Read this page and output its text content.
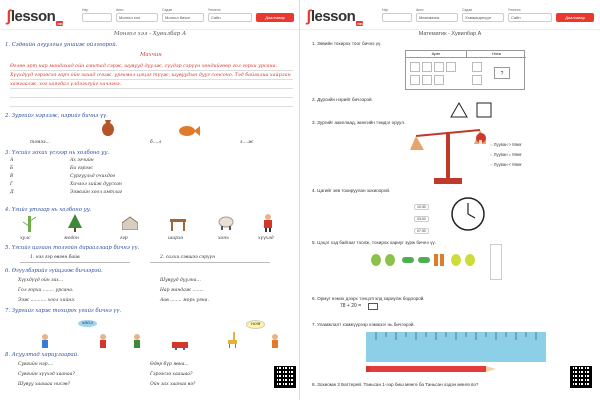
ʃlesson mn
Нэр	Анги
Монгол хэл
Сэдэв
Монгол бичиг
Үнэлгээ
Сайн	Даалгавар
Монгол хэл - Хувилбар А
1. Сэдвийн агуулгыг уншиж ойлгоорой.
Махчин
Өглөө эрт нар мандахад ойн амьтад сэрж, шувууд дуулж, сүүдэр сэрүүн хөндийгөөр гол горхи урсана. Хүүхдүүд гэрээсээ гарч ойн захад очиж, ургамал цэцэг түүж, шувуудын дууг сонсоно. Тэд байгалиа хайрлан хамгаалж, хог хаягдал үлдээхгүйг хичээнэ.
2. Зургийг нэрлэж, нэрийг бичнэ үү.
тэмээ...	б....л	з....ж
3. Үгсийг зохих үсгээр нь холбоно уу.
А	Ах эгчийн
Б	Би гэрээс
В	Сургуульд очихдоо
Г	Хичээл хийж дууссан
Д	Ээжийн хоол амтлаг
4. Үгийг утгаар нь холбоно уу.
хулс	модон	гэр	ширээ	хонь	хүүхэд
5. Үгсийг цагаан толгойн дарааллаар бичнэ үү.
1. нэг гэр өвгөн байв	2. салхи сэвшээ сэрүүн
6. Өгүүлбэрийг гүйцээж бичээрэй.
Хүүхдүүд ойн зах...	Шувууд дуулна...
Гол горхи ........ урсана.	Нар мандаж ........
Ээж ........... хоол хийнэ.	Аав ........ морь уяна.
7. Зургийг харж тохирох үгийг бичнэ үү.
хоол	ном
8. Асуултад хариулаарай.
Сувгийн нэр....	Өдөр бүр явна...
Сувгийн хүүхэд хаанаа?	Гэрээсээ хаашаа?
Шувуу хаашаа нисэв?	Ойн зах хаанаа вэ?
ʃlesson mn
Нэр	Анги
Математик
Сэдэв
Хэмжигдэхүүн
Үнэлгээ
Сайн	Даалгавар
Математик - Хувилбар А
1. Зөвийн тохирох тоог бичнэ үү.
Арвт	Нэгж
?
2. Дүрсийн нэрийг бичээрэй.
3. Зургийг ажиглаад, жингийн тэмдэг оруул.
○ Лууван > Мөөг
○ Лууван = Мөөг
○ Лууван < Мөөг
4. Цагийг зөв тохируулан зохиоорой.
10:30
03:00
07:30
5. Цэцэг хэд байгааг тоолж, тохирох хариуг зурж бичнэ үү.
6. Ормуг нэмэх дээрх тэнцэтгэлд хариулж бодоорой.
78 + 20 =
7. Уламжлалт хэмжүүрээр хэмжээг нь бичээрэй.
8. Зохиомж 3 Баттерей. Таньсан 1-ээр биш мөнгө ба Таньсан хэдэн мөнгө вэ?
